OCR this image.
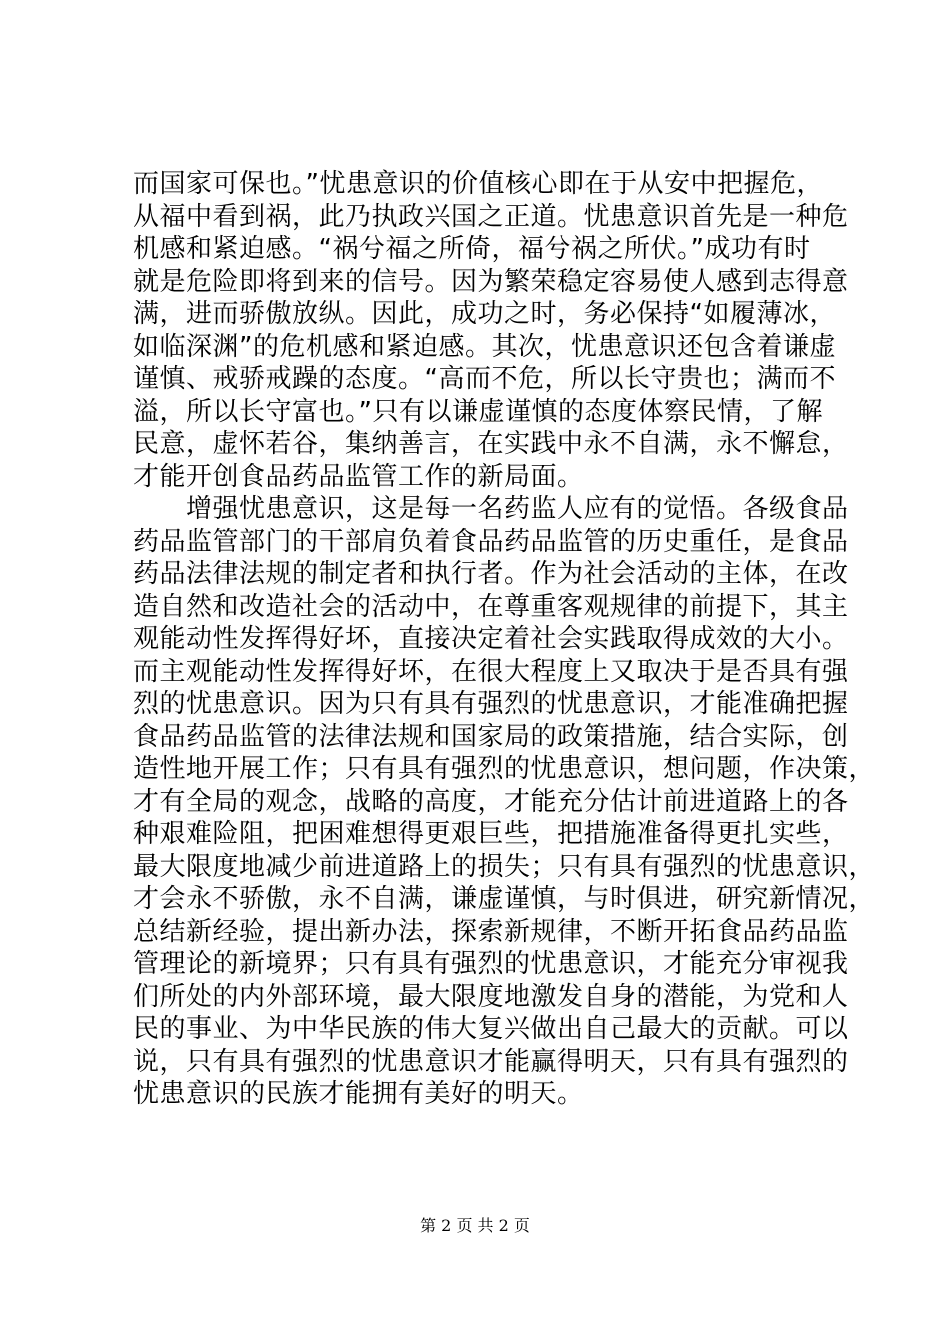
而国家可保也。”忧患意识的价值核心即在于从安中把握危，
从福中看到祸，此乃执政兴国之正道。忧患意识首先是一种危
机感和紧迫感。“祸兮福之所倚，福兮祸之所伏。”成功有时
就是危险即将到来的信号。因为繁荣稳定容易使人感到志得意
满，进而骄傲放纵。因此，成功之时，务必保持“如履薄冰，
如临深渊”的危机感和紧迫感。其次，忧患意识还包含着谦虚
谨慎、戒骄戒躁的态度。“高而不危，所以长守贵也；满而不
溢，所以长守富也。”只有以谦虚谨慎的态度体察民情，了解
民意，虚怀若谷，集纳善言，在实践中永不自满，永不懈怠，
才能开创食品药品监管工作的新局面。
　　增强忧患意识，这是每一名药监人应有的觉悟。各级食品
药品监管部门的干部肩负着食品药品监管的历史重任，是食品
药品法律法规的制定者和执行者。作为社会活动的主体，在改
造自然和改造社会的活动中，在尊重客观规律的前提下，其主
观能动性发挥得好坏，直接决定着社会实践取得成效的大小。
而主观能动性发挥得好坏，在很大程度上又取决于是否具有强
烈的忧患意识。因为只有具有强烈的忧患意识，才能准确把握
食品药品监管的法律法规和国家局的政策措施，结合实际，创
造性地开展工作；只有具有强烈的忧患意识，想问题，作决策，
才有全局的观念，战略的高度，才能充分估计前进道路上的各
种艰难险阻，把困难想得更艰巨些，把措施准备得更扎实些，
最大限度地减少前进道路上的损失；只有具有强烈的忧患意识，
才会永不骄傲，永不自满，谦虚谨慎，与时俱进，研究新情况，
总结新经验，提出新办法，探索新规律，不断开拓食品药品监
管理论的新境界；只有具有强烈的忧患意识，才能充分审视我
们所处的内外部环境，最大限度地激发自身的潜能，为党和人
民的事业、为中华民族的伟大复兴做出自己最大的贡献。可以
说，只有具有强烈的忧患意识才能赢得明天，只有具有强烈的
忧患意识的民族才能拥有美好的明天。
第 2 页 共 2 页
